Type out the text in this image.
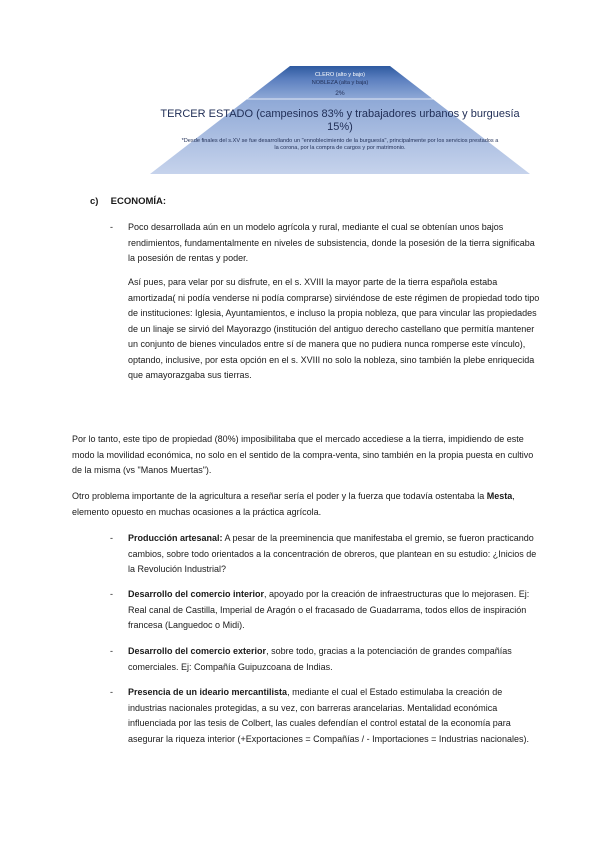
CLERO (alto y bajo)
NOBLEZA (alta y baja)
2%
TERCER ESTADO (campesinos 83% y trabajadores urbanos y burguesía 15%)
*Desde finales del s.XV se fue desarrollando un "ennoblecimiento de la burguesía", principalmente por los servicios prestados a la corona, por la compra de cargos y por matrimonio.
c) ECONOMÍA:
- Poco desarrollada aún en un modelo agrícola y rural, mediante el cual se obtenían unos bajos rendimientos, fundamentalmente en niveles de subsistencia, donde la posesión de la tierra significaba la posesión de rentas y poder.
Así pues, para velar por su disfrute, en el s. XVIII la mayor parte de la tierra española estaba amortizada( ni podía venderse ni podía comprarse) sirviéndose de este régimen de propiedad todo tipo de instituciones: Iglesia, Ayuntamientos, e incluso la propia nobleza, que para vincular las propiedades de un linaje se sirvió del Mayorazgo (institución del antiguo derecho castellano que permitía mantener un conjunto de bienes vinculados entre sí de manera que no pudiera nunca romperse este vínculo), optando, inclusive, por esta opción en el s. XVIII no solo la nobleza, sino también la plebe enriquecida que amayorazgaba sus tierras.
Por lo tanto, este tipo de propiedad (80%) imposibilitaba que el mercado accediese a la tierra, impidiendo de este modo la movilidad económica, no solo en el sentido de la compra-venta, sino también en la propia puesta en cultivo de la misma (vs "Manos Muertas").
Otro problema importante de la agricultura a reseñar sería el poder y la fuerza que todavía ostentaba la Mesta, elemento opuesto en muchas ocasiones a la práctica agrícola.
- Producción artesanal: A pesar de la preeminencia que manifestaba el gremio, se fueron practicando cambios, sobre todo orientados a la concentración de obreros, que plantean en su estudio: ¿Inicios de la Revolución Industrial?
- Desarrollo del comercio interior, apoyado por la creación de infraestructuras que lo mejorasen. Ej: Real canal de Castilla, Imperial de Aragón o el fracasado de Guadarrama, todos ellos de inspiración francesa (Languedoc o Midi).
- Desarrollo del comercio exterior, sobre todo, gracias a la potenciación de grandes compañías comerciales. Ej: Compañía Guipuzcoana de Indias.
- Presencia de un ideario mercantilista, mediante el cual el Estado estimulaba la creación de industrias nacionales protegidas, a su vez, con barreras arancelarias. Mentalidad económica influenciada por las tesis de Colbert, las cuales defendían el control estatal de la economía para asegurar la riqueza interior (+Exportaciones = Compañías / - Importaciones = Industrias nacionales).
